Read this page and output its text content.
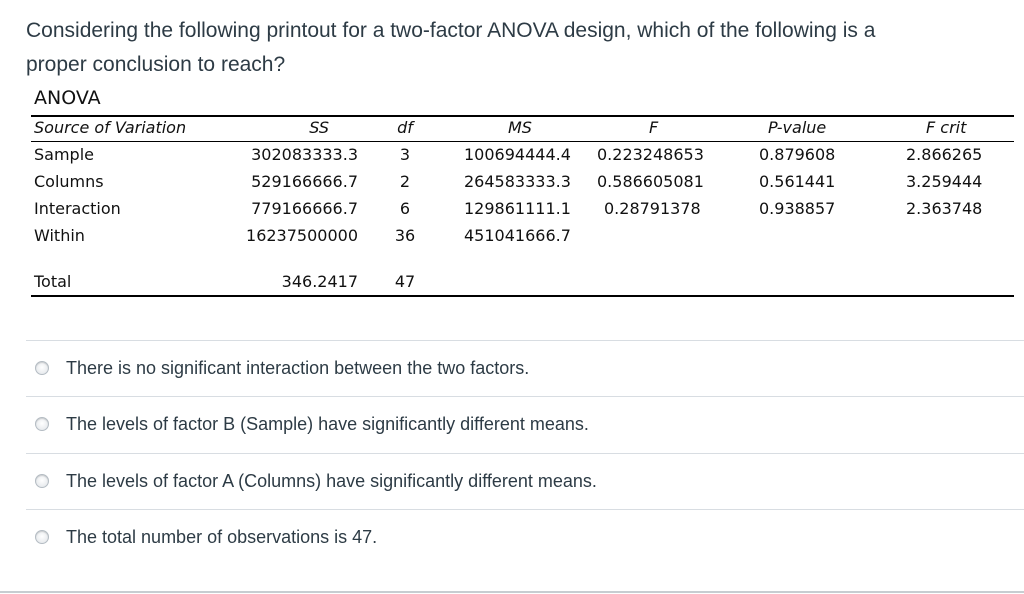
Considering the following printout for a two-factor ANOVA design, which of the following is a
proper conclusion to reach?
ANOVA
Source of Variation	SS	df	MS	F	P-value	F crit
Sample	302083333.3	3	100694444.4 0.223248653	0.879608	2.866265
Columns	529166666.7	2	264583333.3 0.586605081	0.561441	3.259444
Interaction	779166666.7	6	129861111.1 0.28791378	0.938857	2.363748
Within	16237500000	36	451041666.7
Total	346.2417	47
There is no significant interaction between the two factors.
The levels of factor B (Sample) have significantly different means.
The levels of factor A (Columns) have significantly different means.
The total number of observations is 47.
